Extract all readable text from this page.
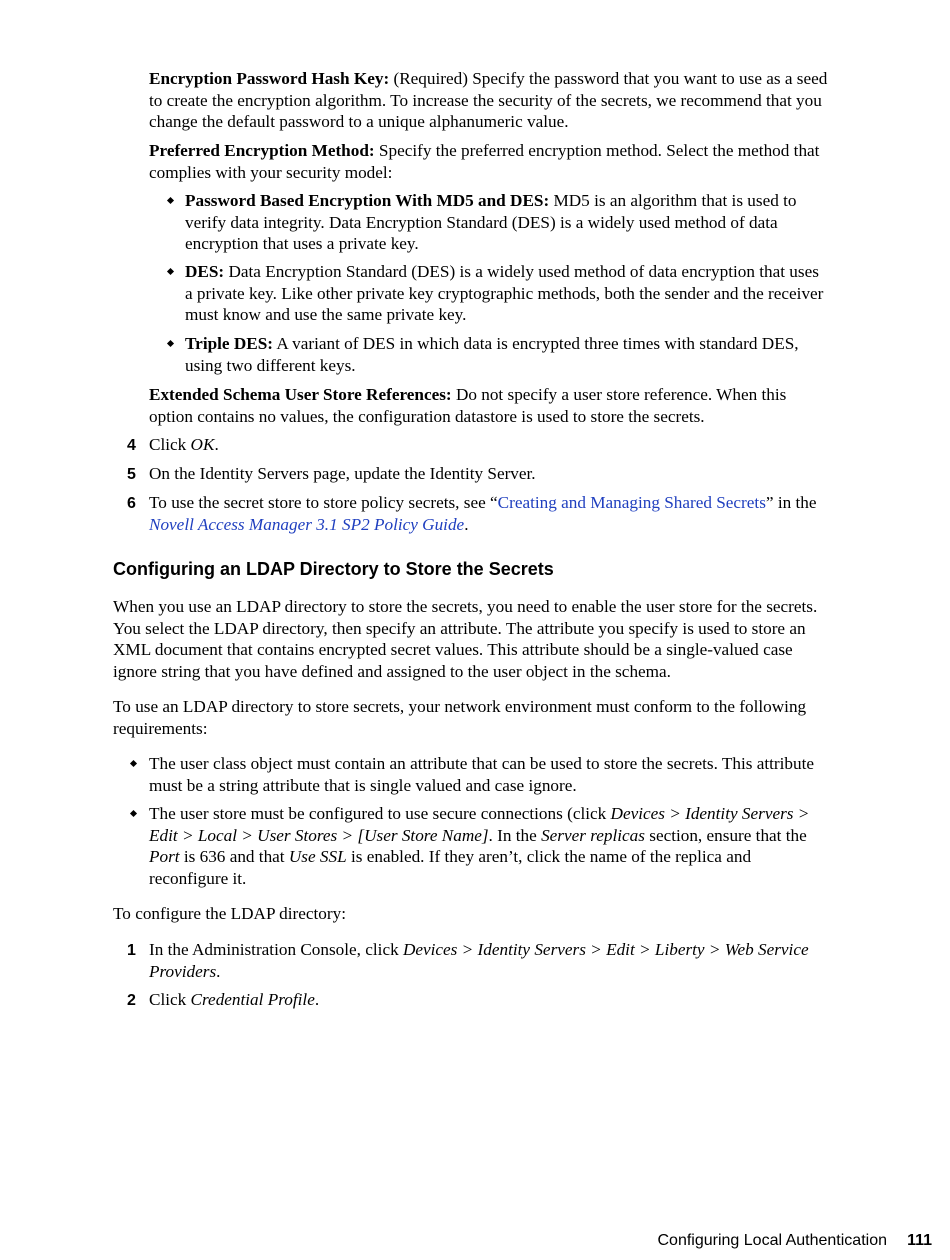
Encryption Password Hash Key: (Required) Specify the password that you want to use as a seed to create the encryption algorithm. To increase the security of the secrets, we recommend that you change the default password to a unique alphanumeric value.
Preferred Encryption Method: Specify the preferred encryption method. Select the method that complies with your security model:
Password Based Encryption With MD5 and DES: MD5 is an algorithm that is used to verify data integrity. Data Encryption Standard (DES) is a widely used method of data encryption that uses a private key.
DES: Data Encryption Standard (DES) is a widely used method of data encryption that uses a private key. Like other private key cryptographic methods, both the sender and the receiver must know and use the same private key.
Triple DES: A variant of DES in which data is encrypted three times with standard DES, using two different keys.
Extended Schema User Store References: Do not specify a user store reference. When this option contains no values, the configuration datastore is used to store the secrets.
4 Click OK.
5 On the Identity Servers page, update the Identity Server.
6 To use the secret store to store policy secrets, see “Creating and Managing Shared Secrets” in the Novell Access Manager 3.1 SP2 Policy Guide.
Configuring an LDAP Directory to Store the Secrets
When you use an LDAP directory to store the secrets, you need to enable the user store for the secrets. You select the LDAP directory, then specify an attribute. The attribute you specify is used to store an XML document that contains encrypted secret values. This attribute should be a single-valued case ignore string that you have defined and assigned to the user object in the schema.
To use an LDAP directory to store secrets, your network environment must conform to the following requirements:
The user class object must contain an attribute that can be used to store the secrets. This attribute must be a string attribute that is single valued and case ignore.
The user store must be configured to use secure connections (click Devices > Identity Servers > Edit > Local > User Stores > [User Store Name]. In the Server replicas section, ensure that the Port is 636 and that Use SSL is enabled. If they aren’t, click the name of the replica and reconfigure it.
To configure the LDAP directory:
1 In the Administration Console, click Devices > Identity Servers > Edit > Liberty > Web Service Providers.
2 Click Credential Profile.
Configuring Local Authentication	111
